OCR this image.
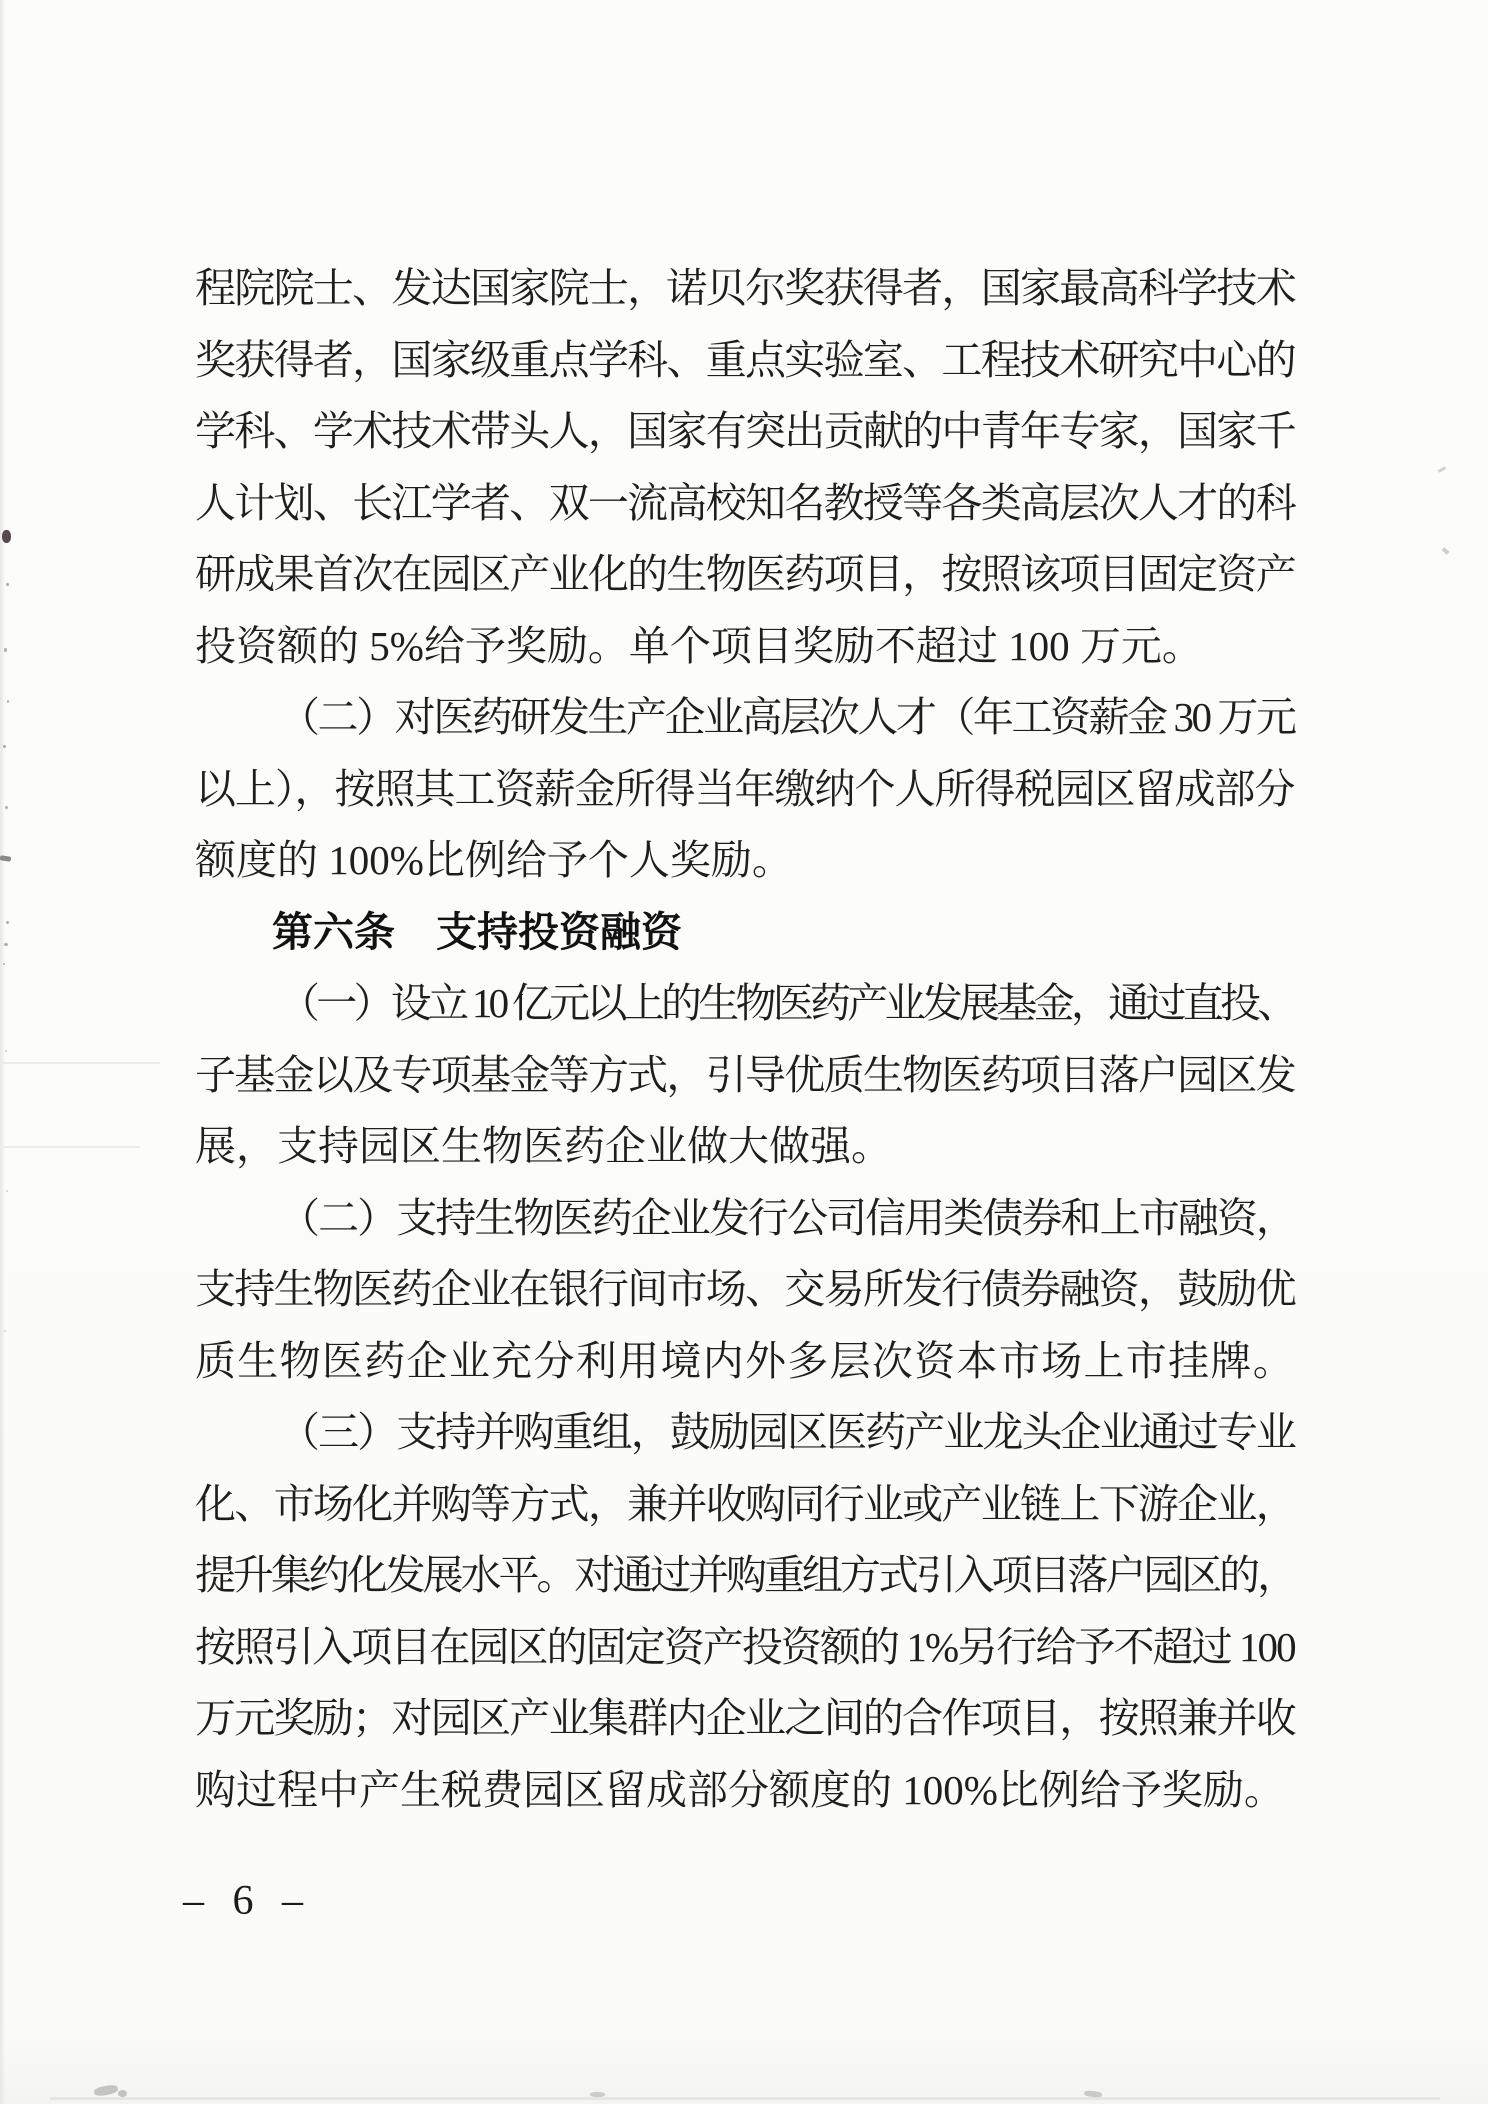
程院院士、发达国家院士，诺贝尔奖获得者，国家最高科学技术
奖获得者，国家级重点学科、重点实验室、工程技术研究中心的
学科、学术技术带头人，国家有突出贡献的中青年专家，国家千
人计划、长江学者、双一流高校知名教授等各类高层次人才的科
研成果首次在园区产业化的生物医药项目，按照该项目固定资产
投资额的 5%给予奖励。单个项目奖励不超过 100 万元。
（二）对医药研发生产企业高层次人才（年工资薪金 30 万元
以上），按照其工资薪金所得当年缴纳个人所得税园区留成部分
额度的 100%比例给予个人奖励。
第六条　支持投资融资
（一）设立 10 亿元以上的生物医药产业发展基金，通过直投、
子基金以及专项基金等方式，引导优质生物医药项目落户园区发
展，支持园区生物医药企业做大做强。
（二）支持生物医药企业发行公司信用类债券和上市融资，
支持生物医药企业在银行间市场、交易所发行债券融资，鼓励优
质生物医药企业充分利用境内外多层次资本市场上市挂牌。
（三）支持并购重组，鼓励园区医药产业龙头企业通过专业
化、市场化并购等方式，兼并收购同行业或产业链上下游企业，
提升集约化发展水平。对通过并购重组方式引入项目落户园区的，
按照引入项目在园区的固定资产投资额的 1%另行给予不超过 100
万元奖励；对园区产业集群内企业之间的合作项目，按照兼并收
购过程中产生税费园区留成部分额度的 100%比例给予奖励。
– 6 –
